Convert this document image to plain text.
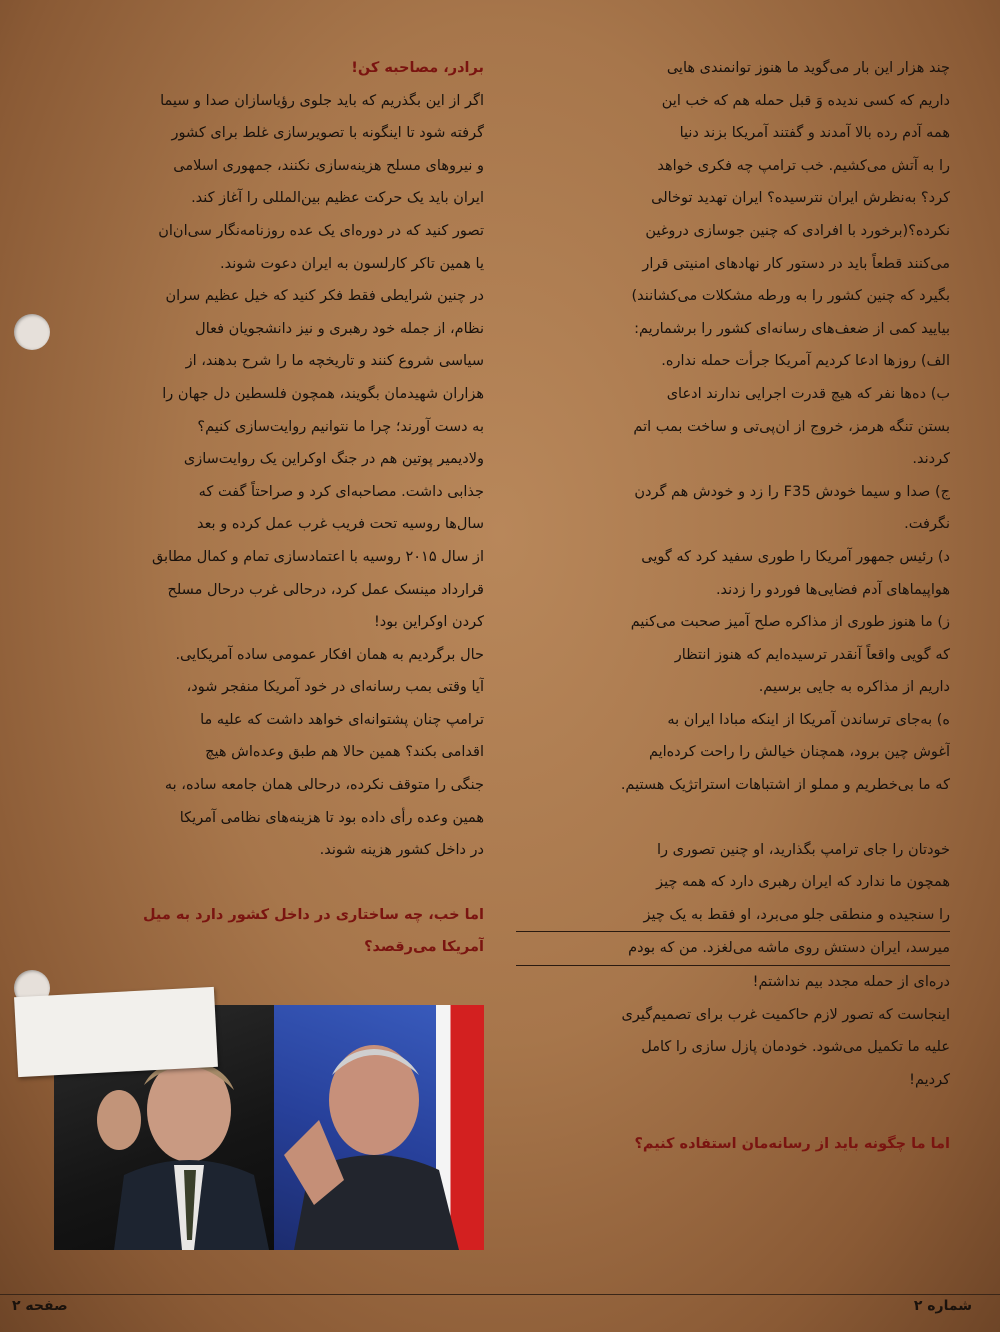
چند هزار این بار می‌گوید ما هنوز توانمندی هایی
داریم که کسی ندیده وَ قبل حمله هم که خب این
همه آدم رده بالا آمدند و گفتند آمریکا بزند دنیا
را به آتش می‌کشیم. خب ترامپ چه فکری خواهد
کرد؟ به‌نظرش ایران نترسیده؟ ایران تهدید توخالی
نکرده؟(برخورد با افرادی که چنین جوسازی دروغین
می‌کنند قطعاً باید در دستور کار نهادهای امنیتی قرار
بگیرد که چنین کشور را به ورطه مشکلات می‌کشانند)
بیایید کمی از ضعف‌های رسانه‌ای کشور را برشماریم:
الف) روزها ادعا کردیم آمریکا جرأت حمله نداره.
ب) ده‌ها نفر که هیچ قدرت اجرایی ندارند ادعای
بستن تنگه هرمز، خروج از ان‌پی‌تی و ساخت بمب اتم
کردند.
ج) صدا و سیما خودش F35 را زد و خودش هم گردن
نگرفت.
د) رئیس جمهور آمریکا را طوری سفید کرد که گویی
هواپیماهای آدم فضایی‌ها فوردو را زدند.
ز) ما هنوز طوری از مذاکره صلح آمیز صحبت می‌کنیم
که گویی واقعاً آنقدر ترسیده‌ایم که هنوز انتظار
داریم از مذاکره به جایی برسیم.
ه) به‌جای ترساندن آمریکا از اینکه مبادا ایران به
آغوش چین برود، همچنان خیالش را راحت کرده‌ایم
که ما بی‌خطریم و مملو از اشتباهات استراتژیک هستیم.
خودتان را جای ترامپ بگذارید، او چنین تصوری را
همچون ما ندارد که ایران رهبری دارد که همه چیز
را سنجیده و منطقی جلو می‌برد، او فقط به یک چیز
میرسد، ایران دستش روی ماشه می‌لغزد. من که بودم
دره‌ای از حمله مجدد بیم نداشتم!
اینجاست که تصور لازم حاکمیت غرب برای تصمیم‌گیری
علیه ما تکمیل می‌شود. خودمان پازل سازی را کامل
کردیم!
اما ما چگونه باید از رسانه‌مان استفاده کنیم؟
برادر، مصاحبه کن!
اگر از این بگذریم که باید جلوی رؤیاسازان صدا و سیما
گرفته شود تا اینگونه با تصویرسازی غلط برای کشور
و نیروهای مسلح هزینه‌سازی نکنند، جمهوری اسلامی
ایران باید یک حرکت عظیم بین‌المللی را آغاز کند.
تصور کنید که در دوره‌ای یک عده روزنامه‌نگار سی‌ان‌ان
یا همین تاکر کارلسون به ایران دعوت شوند.
در چنین شرایطی فقط فکر کنید که خیل عظیم سران
نظام، از جمله خود رهبری و نیز دانشجویان فعال
سیاسی شروع کنند و تاریخچه ما را شرح بدهند، از
هزاران شهیدمان بگویند، همچون فلسطین دل جهان را
به دست آورند؛ چرا ما نتوانیم روایت‌سازی کنیم؟
ولادیمیر پوتین هم در جنگ اوکراین یک روایت‌سازی
جذابی داشت. مصاحبه‌ای کرد و صراحتاً گفت که
سال‌ها روسیه تحت فریب غرب عمل کرده و بعد
از سال ۲۰۱۵ روسیه با اعتمادسازی تمام و کمال مطابق
قرارداد مینسک عمل کرد، درحالی غرب درحال مسلح
کردن اوکراین بود!
حال برگردیم به همان افکار عمومی ساده آمریکایی.
آیا وقتی بمب رسانه‌ای در خود آمریکا منفجر شود،
ترامپ چنان پشتوانه‌ای خواهد داشت که علیه ما
اقدامی بکند؟ همین حالا هم طبق وعده‌اش هیچ
جنگی را متوقف نکرده، درحالی همان جامعه ساده، به
همین وعده رأی داده بود تا هزینه‌های نظامی آمریکا
در داخل کشور هزینه شوند.
اما خب، چه ساختاری در داخل کشور دارد به میل
آمریکا می‌رقصد؟
شماره ۲
صفحه ۲
